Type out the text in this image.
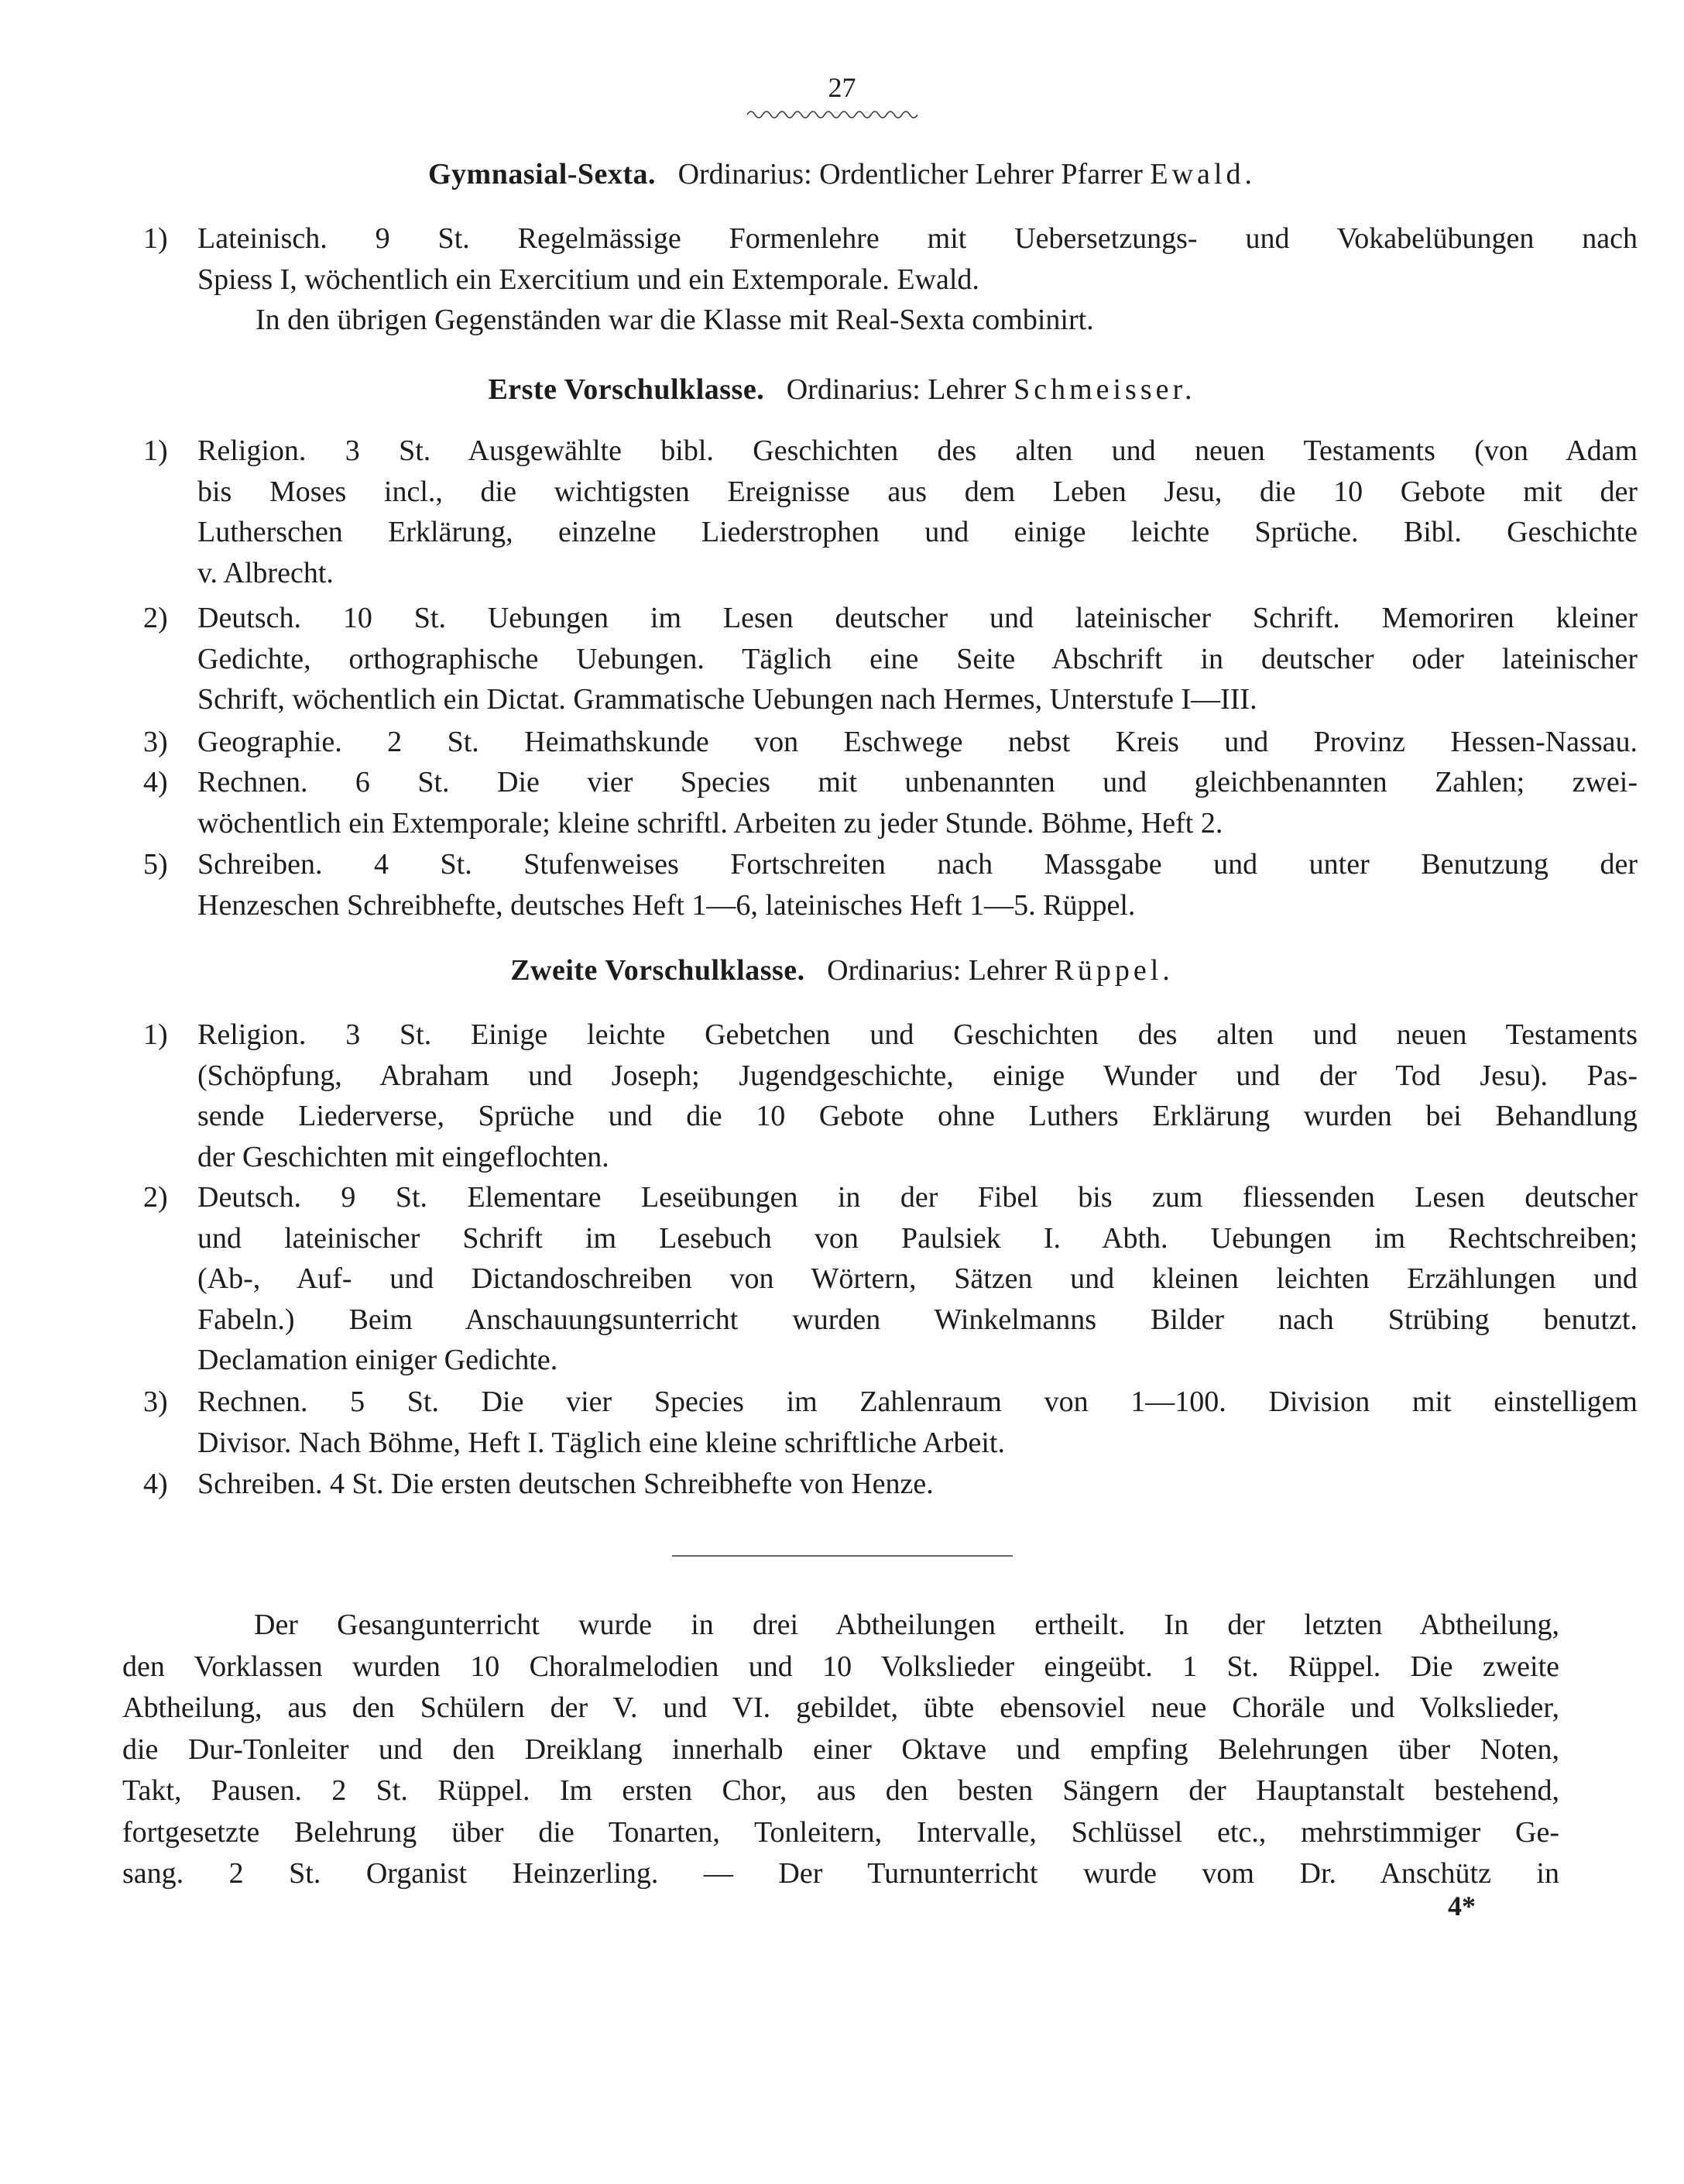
27
Gymnasial-Sexta. Ordinarius: Ordentlicher Lehrer Pfarrer Ewald.
1)	Lateinisch. 9 St. Regelmässige Formenlehre mit Uebersetzungs- und Vokabelübungen nach
Spiess I, wöchentlich ein Exercitium und ein Extemporale. Ewald.
In den übrigen Gegenständen war die Klasse mit Real-Sexta combinirt.
Erste Vorschulklasse. Ordinarius: Lehrer Schmeisser.
1)	Religion. 3 St. Ausgewählte bibl. Geschichten des alten und neuen Testaments (von Adam
bis Moses incl., die wichtigsten Ereignisse aus dem Leben Jesu, die 10 Gebote mit der
Lutherschen Erklärung, einzelne Liederstrophen und einige leichte Sprüche. Bibl. Geschichte
v. Albrecht.
2)	Deutsch. 10 St. Uebungen im Lesen deutscher und lateinischer Schrift. Memoriren kleiner
Gedichte, orthographische Uebungen. Täglich eine Seite Abschrift in deutscher oder lateinischer
Schrift, wöchentlich ein Dictat. Grammatische Uebungen nach Hermes, Unterstufe I—III.
3)	Geographie. 2 St. Heimathskunde von Eschwege nebst Kreis und Provinz Hessen-Nassau.
4)	Rechnen. 6 St. Die vier Species mit unbenannten und gleichbenannten Zahlen; zwei-
wöchentlich ein Extemporale; kleine schriftl. Arbeiten zu jeder Stunde. Böhme, Heft 2.
5)	Schreiben. 4 St. Stufenweises Fortschreiten nach Massgabe und unter Benutzung der
Henzeschen Schreibhefte, deutsches Heft 1—6, lateinisches Heft 1—5. Rüppel.
Zweite Vorschulklasse. Ordinarius: Lehrer Rüppel.
1)	Religion. 3 St. Einige leichte Gebetchen und Geschichten des alten und neuen Testaments
(Schöpfung, Abraham und Joseph; Jugendgeschichte, einige Wunder und der Tod Jesu). Pas-
sende Liederverse, Sprüche und die 10 Gebote ohne Luthers Erklärung wurden bei Behandlung
der Geschichten mit eingeflochten.
2)	Deutsch. 9 St. Elementare Leseübungen in der Fibel bis zum fliessenden Lesen deutscher
und lateinischer Schrift im Lesebuch von Paulsiek I. Abth. Uebungen im Rechtschreiben;
(Ab-, Auf- und Dictandoschreiben von Wörtern, Sätzen und kleinen leichten Erzählungen und
Fabeln.) Beim Anschauungsunterricht wurden Winkelmanns Bilder nach Strübing benutzt.
Declamation einiger Gedichte.
3)	Rechnen. 5 St. Die vier Species im Zahlenraum von 1—100. Division mit einstelligem
Divisor. Nach Böhme, Heft I. Täglich eine kleine schriftliche Arbeit.
4)	Schreiben. 4 St. Die ersten deutschen Schreibhefte von Henze.
Der Gesangunterricht wurde in drei Abtheilungen ertheilt. In der letzten Abtheilung,
den Vorklassen wurden 10 Choralmelodien und 10 Volkslieder eingeübt. 1 St. Rüppel. Die zweite
Abtheilung, aus den Schülern der V. und VI. gebildet, übte ebensoviel neue Choräle und Volkslieder,
die Dur-Tonleiter und den Dreiklang innerhalb einer Oktave und empfing Belehrungen über Noten,
Takt, Pausen. 2 St. Rüppel. Im ersten Chor, aus den besten Sängern der Hauptanstalt bestehend,
fortgesetzte Belehrung über die Tonarten, Tonleitern, Intervalle, Schlüssel etc., mehrstimmiger Ge-
sang. 2 St. Organist Heinzerling. — Der Turnunterricht wurde vom Dr. Anschütz in
4*
